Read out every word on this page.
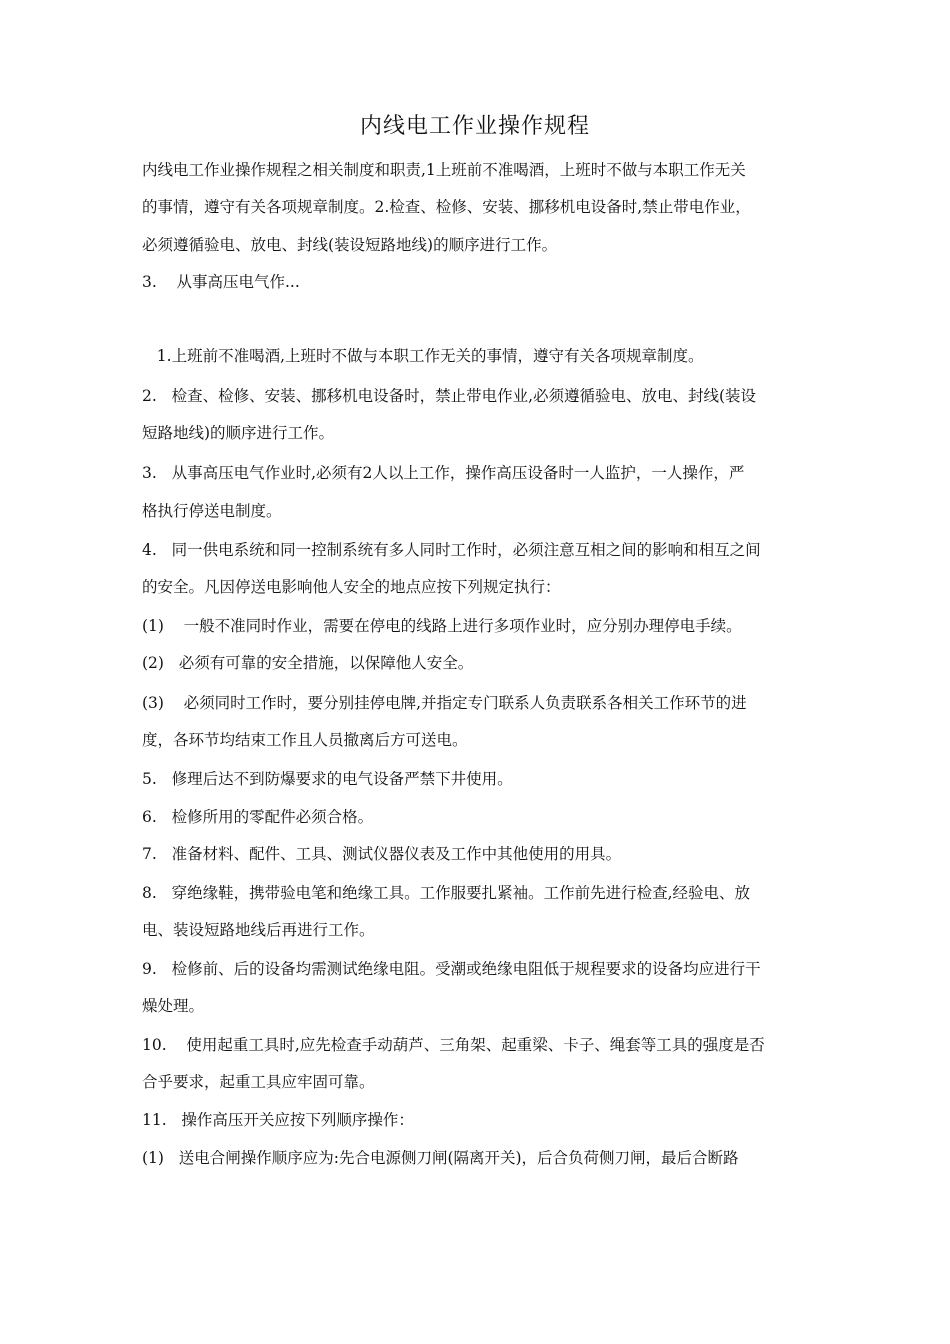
内线电工作业操作规程

内线电工作业操作规程之相关制度和职责,1上班前不准喝酒，上班时不做与本职工作无关

的事情，遵守有关各项规章制度。2.检查、检修、安装、挪移机电设备时,禁止带电作业，

必须遵循验电、放电、封线(装设短路地线)的顺序进行工作。

3.    从事高压电气作...

1.上班前不准喝酒,上班时不做与本职工作无关的事情，遵守有关各项规章制度。

2.   检查、检修、安装、挪移机电设备时，禁止带电作业,必须遵循验电、放电、封线(装设

短路地线)的顺序进行工作。

3.   从事高压电气作业时,必须有2人以上工作，操作高压设备时一人监护，一人操作，严

格执行停送电制度。

4.   同一供电系统和同一控制系统有多人同时工作时，必须注意互相之间的影响和相互之间

的安全。凡因停送电影响他人安全的地点应按下列规定执行：

(1)    一般不准同时作业，需要在停电的线路上进行多项作业时，应分别办理停电手续。

(2)   必须有可靠的安全措施，以保障他人安全。

(3)    必须同时工作时，要分别挂停电牌,并指定专门联系人负责联系各相关工作环节的进

度，各环节均结束工作且人员撤离后方可送电。

5.   修理后达不到防爆要求的电气设备严禁下井使用。

6.   检修所用的零配件必须合格。

7.   准备材料、配件、工具、测试仪器仪表及工作中其他使用的用具。

8.   穿绝缘鞋，携带验电笔和绝缘工具。工作服要扎紧袖。工作前先进行检查,经验电、放

电、装设短路地线后再进行工作。

9.   检修前、后的设备均需测试绝缘电阻。受潮或绝缘电阻低于规程要求的设备均应进行干

燥处理。

10.    使用起重工具时,应先检查手动葫芦、三角架、起重梁、卡子、绳套等工具的强度是否

合乎要求，起重工具应牢固可靠。

11.   操作高压开关应按下列顺序操作：

(1)   送电合闸操作顺序应为:先合电源侧刀闸(隔离开关)，后合负荷侧刀闸，最后合断路
